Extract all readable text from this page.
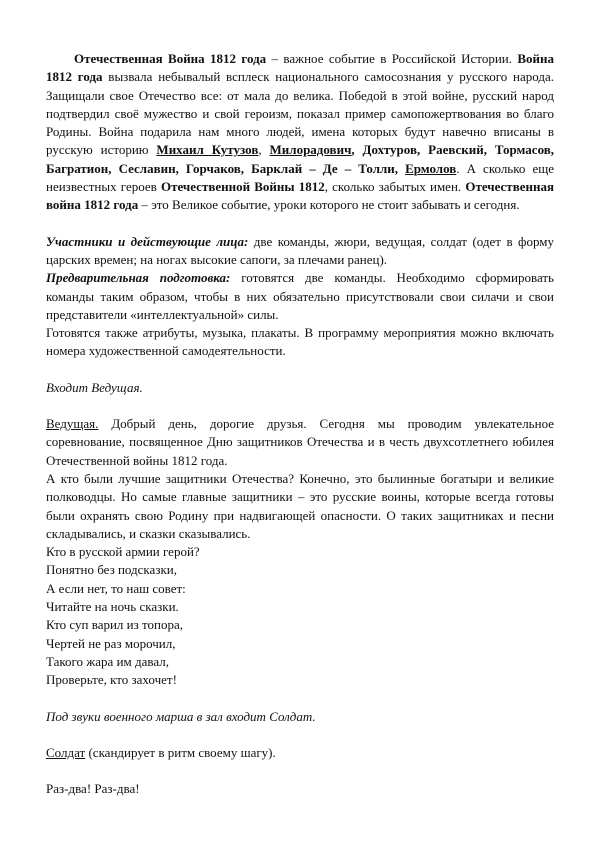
Отечественная Война 1812 года – важное событие в Российской Истории. Война 1812 года вызвала небывалый всплеск национального самосознания у русского народа. Защищали свое Отечество все: от мала до велика. Победой в этой войне, русский народ подтвердил своё мужество и свой героизм, показал пример самопожертвования во благо Родины. Война подарила нам много людей, имена которых будут навечно вписаны в русскую историю Михаил Кутузов, Милорадович, Дохтуров, Раевский, Тормасов, Багратион, Сеславин, Горчаков, Барклай – Де – Толли, Ермолов. А сколько еще неизвестных героев Отечественной Войны 1812, сколько забытых имен. Отечественная война 1812 года – это Великое событие, уроки которого не стоит забывать и сегодня.

Участники и действующие лица: две команды, жюри, ведущая, солдат (одет в форму царских времен; на ногах высокие сапоги, за плечами ранец).

Предварительная подготовка: готовятся две команды. Необходимо сформировать команды таким образом, чтобы в них обязательно присутствовали свои силачи и свои представители «интеллектуальной» силы.

Готовятся также атрибуты, музыка, плакаты. В программу мероприятия можно включать номера художественной самодеятельности.

Входит Ведущая.

Ведущая. Добрый день, дорогие друзья. Сегодня мы проводим увлекательное соревнование, посвященное Дню защитников Отечества и в честь двухсотлетнего юбилея Отечественной войны 1812 года.

А кто были лучшие защитники Отечества? Конечно, это былинные богатыри и великие полководцы. Но самые главные защитники – это русские воины, которые всегда готовы были охранять свою Родину при надвигающей опасности. О таких защитниках и песни складывались, и сказки сказывались.

Кто в русской армии герой?
Понятно без подсказки,
А если нет, то наш совет:
Читайте на ночь сказки.
Кто суп варил из топора,
Чертей не раз морочил,
Такого жара им давал,
Проверьте, кто захочет!

Под звуки военного марша в зал входит Солдат.

Солдат (скандирует в ритм своему шагу).

Раз-два! Раз-два!
